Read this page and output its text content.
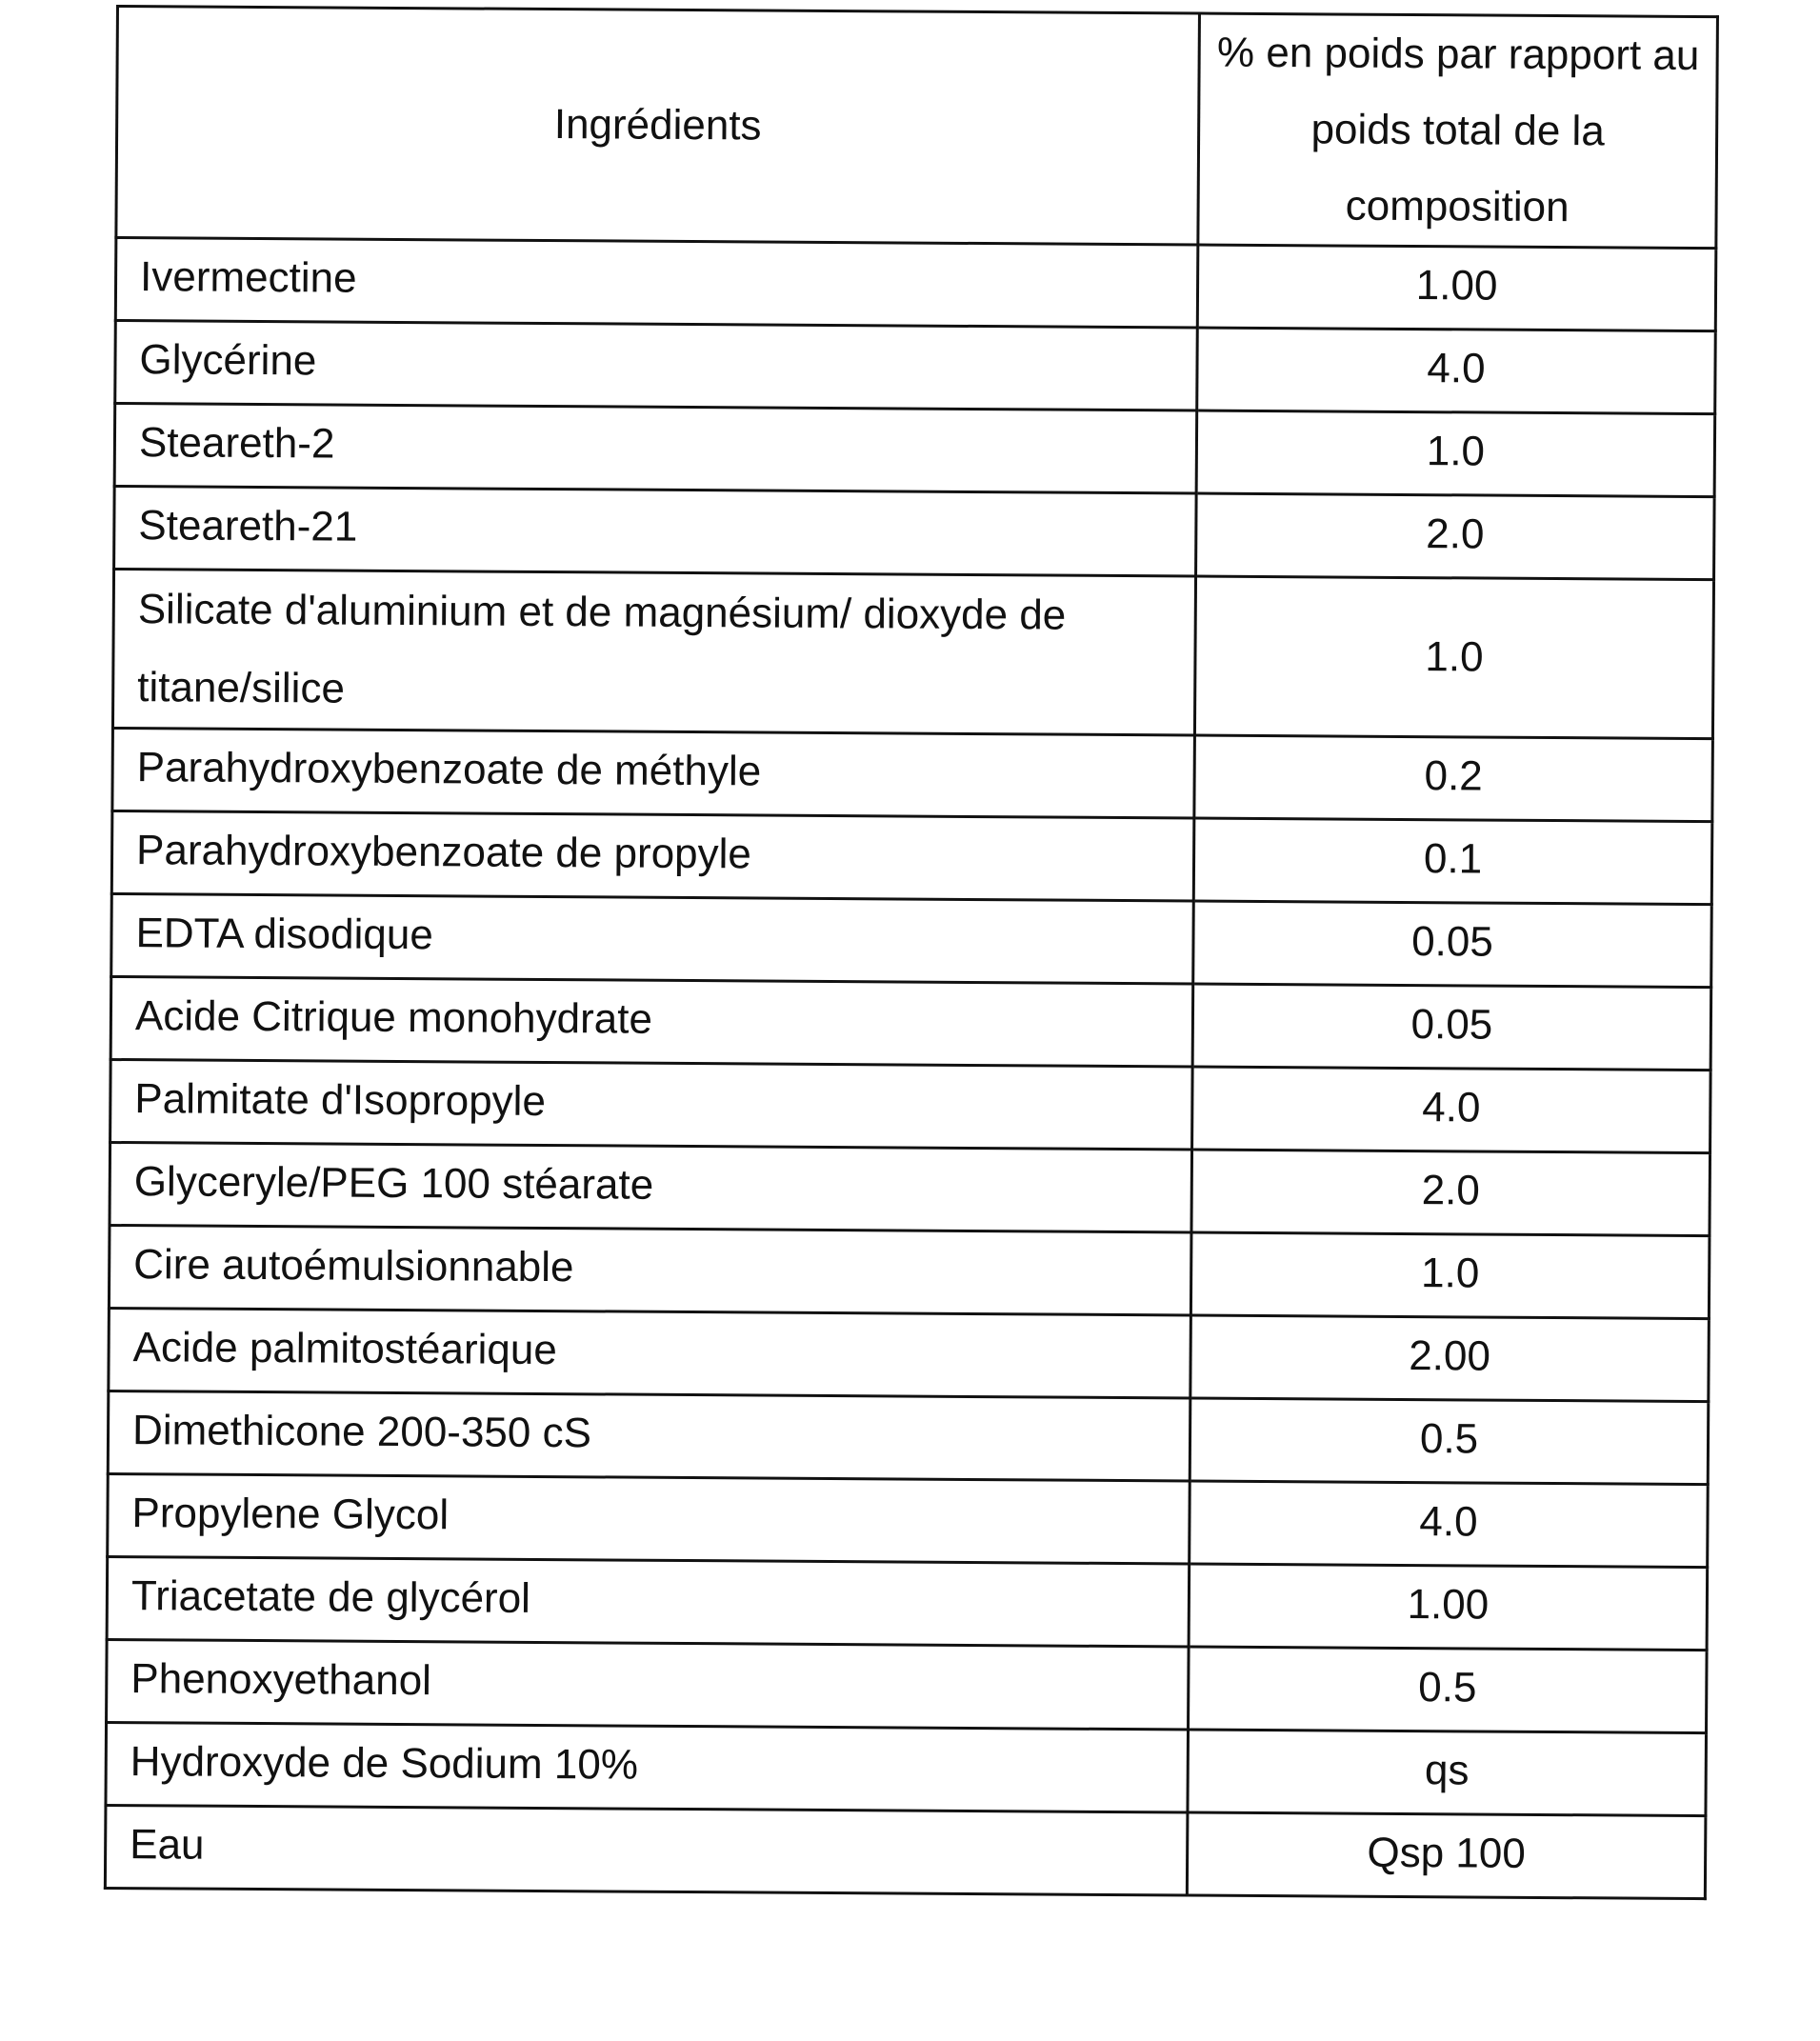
Ingrédients	% en poids par rapport au poids total de la composition
Ivermectine	1.00
Glycérine	4.0
Steareth-2	1.0
Steareth-21	2.0
Silicate d'aluminium et de magnésium/ dioxyde de titane/silice	1.0
Parahydroxybenzoate de méthyle	0.2
Parahydroxybenzoate de propyle	0.1
EDTA disodique	0.05
Acide Citrique monohydrate	0.05
Palmitate d'Isopropyle	4.0
Glyceryle/PEG 100 stéarate	2.0
Cire autoémulsionnable	1.0
Acide palmitostéarique	2.00
Dimethicone 200-350 cS	0.5
Propylene Glycol	4.0
Triacetate de glycérol	1.00
Phenoxyethanol	0.5
Hydroxyde de Sodium 10%	qs
Eau	Qsp 100
